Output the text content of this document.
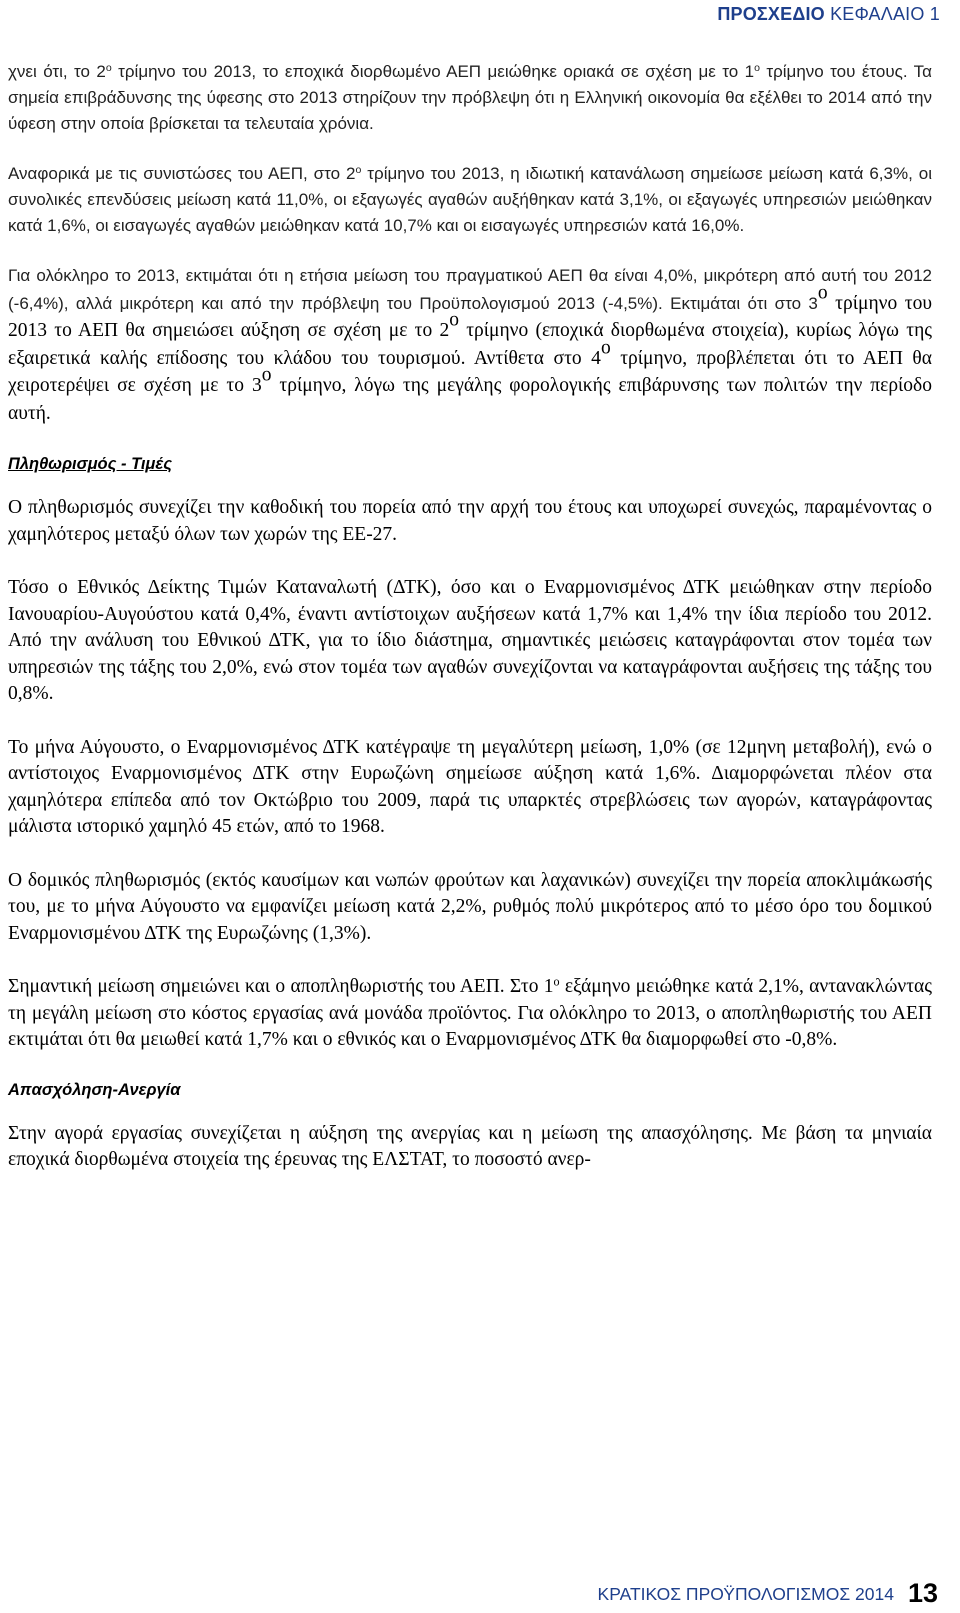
ΠΡΟΣΧΕΔΙΟ ΚΕΦΑΛΑΙΟ 1

χνει ότι, το $2^o$ τρίμηνο του 2013, το εποχικά διορθωμένο ΑΕΠ μειώθηκε οριακά σε σχέση με το $1^o$ τρίμηνο του έτους. Τα σημεία επιβράδυνσης της ύφεσης στο 2013 στηρίζουν την πρόβλεψη ότι η Ελληνική οικονομία θα εξέλθει το 2014 από την ύφεση στην οποία βρίσκεται τα τελευταία χρόνια.

Αναφορικά με τις συνιστώσες του ΑΕΠ, στο $2^o$ τρίμηνο του 2013, η ιδιωτική κατανάλωση σημείωσε μείωση κατά 6,3%, οι συνολικές επενδύσεις μείωση κατά 11,0%, οι εξαγωγές αγαθών αυξήθηκαν κατά 3,1%, οι εξαγωγές υπηρεσιών μειώθηκαν κατά 1,6%, οι εισαγωγές αγαθών μειώθηκαν κατά 10,7% και οι εισαγωγές υπηρεσιών κατά 16,0%.

Για ολόκληρο το 2013, εκτιμάται ότι η ετήσια μείωση του πραγματικού ΑΕΠ θα είναι 4,0%, μικρότερη από αυτή του 2012 (-6,4%), αλλά μικρότερη και από την πρόβλεψη του Προϋπολογισμού 2013 (-4,5%). Εκτιμάται ότι στο $3^o$ τρίμηνο του 2013 το ΑΕΠ θα σημειώσει αύξηση σε σχέση με το $2^o$ τρίμηνο (εποχικά διορθωμένα στοιχεία), κυρίως λόγω της εξαιρετικά καλής επίδοσης του κλάδου του τουρισμού. Αντίθετα στο $4^o$ τρίμηνο, προβλέπεται ότι το ΑΕΠ θα χειροτερέψει σε σχέση με το $3^o$ τρίμηνο, λόγω της μεγάλης φορολογικής επιβάρυνσης των πολιτών την περίοδο αυτή.

Πληθωρισμός - Τιμές

Ο πληθωρισμός συνεχίζει την καθοδική του πορεία από την αρχή του έτους και υποχωρεί συνεχώς, παραμένοντας ο χαμηλότερος μεταξύ όλων των χωρών της ΕΕ-27.

Τόσο ο Εθνικός Δείκτης Τιμών Καταναλωτή (ΔΤΚ), όσο και ο Εναρμονισμένος ΔΤΚ μειώθηκαν στην περίοδο Ιανουαρίου-Αυγούστου κατά 0,4%, έναντι αντίστοιχων αυξήσεων κατά 1,7% και 1,4% την ίδια περίοδο του 2012. Από την ανάλυση του Εθνικού ΔΤΚ, για το ίδιο διάστημα, σημαντικές μειώσεις καταγράφονται στον τομέα των υπηρεσιών της τάξης του 2,0%, ενώ στον τομέα των αγαθών συνεχίζονται να καταγράφονται αυξήσεις της τάξης του 0,8%.

Το μήνα Αύγουστο, ο Εναρμονισμένος ΔΤΚ κατέγραψε τη μεγαλύτερη μείωση, 1,0% (σε 12μηνη μεταβολή), ενώ ο αντίστοιχος Εναρμονισμένος ΔΤΚ στην Ευρωζώνη σημείωσε αύξηση κατά 1,6%. Διαμορφώνεται πλέον στα χαμηλότερα επίπεδα από τον Οκτώβριο του 2009, παρά τις υπαρκτές στρεβλώσεις των αγορών, καταγράφοντας μάλιστα ιστορικό χαμηλό 45 ετών, από το 1968.

Ο δομικός πληθωρισμός (εκτός καυσίμων και νωπών φρούτων και λαχανικών) συνεχίζει την πορεία αποκλιμάκωσής του, με το μήνα Αύγουστο να εμφανίζει μείωση κατά 2,2%, ρυθμός πολύ μικρότερος από το μέσο όρο του δομικού Εναρμονισμένου ΔΤΚ της Ευρωζώνης (1,3%).

Σημαντική μείωση σημειώνει και ο αποπληθωριστής του ΑΕΠ. Στο $1^o$ εξάμηνο μειώθηκε κατά 2,1%, αντανακλώντας τη μεγάλη μείωση στο κόστος εργασίας ανά μονάδα προϊόντος. Για ολόκληρο το 2013, ο αποπληθωριστής του ΑΕΠ εκτιμάται ότι θα μειωθεί κατά 1,7% και ο εθνικός και ο Εναρμονισμένος ΔΤΚ θα διαμορφωθεί στο -0,8%.

Απασχόληση-Ανεργία

Στην αγορά εργασίας συνεχίζεται η αύξηση της ανεργίας και η μείωση της απασχόλησης. Με βάση τα μηνιαία εποχικά διορθωμένα στοιχεία της έρευνας της ΕΛΣΤΑΤ, το ποσοστό ανερ-

ΚΡΑΤΙΚΟΣ ΠΡΟΫΠΟΛΟΓΙΣΜΟΣ 2014 13
